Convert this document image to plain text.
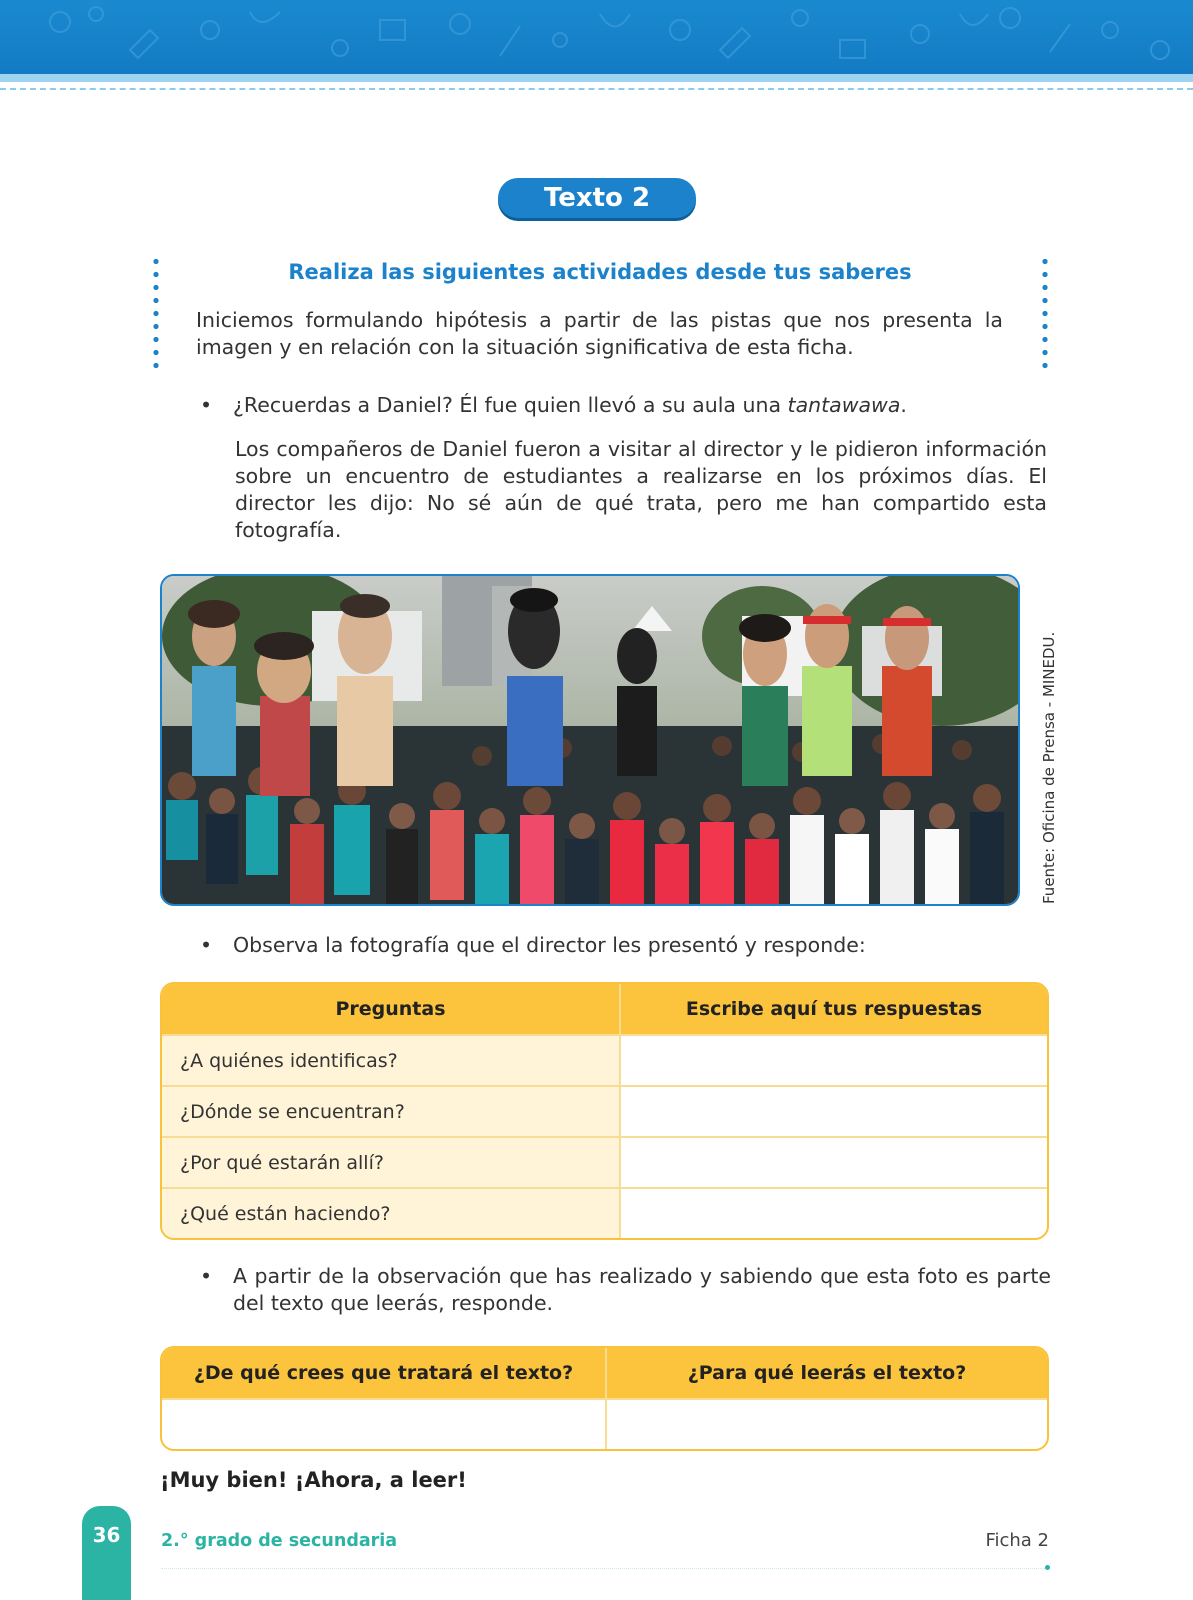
Texto 2
Realiza las siguientes actividades desde tus saberes
Iniciemos formulando hipótesis a partir de las pistas que nos presenta la imagen y en relación con la situación significativa de esta ficha.
• ¿Recuerdas a Daniel? Él fue quien llevó a su aula una tantawawa.
Los compañeros de Daniel fueron a visitar al director y le pidieron información sobre un encuentro de estudiantes a realizarse en los próximos días. El director les dijo: No sé aún de qué trata, pero me han compartido esta fotografía.
Fuente: Oficina de Prensa - MINEDU.
• Observa la fotografía que el director les presentó y responde:
Preguntas	Escribe aquí tus respuestas
¿A quiénes identificas?	
¿Dónde se encuentran?	
¿Por qué estarán allí?	
¿Qué están haciendo?	
• A partir de la observación que has realizado y sabiendo que esta foto es parte del texto que leerás, responde.
¿De qué crees que tratará el texto?	¿Para qué leerás el texto?

¡Muy bien! ¡Ahora, a leer!
36	2.° grado de secundaria	Ficha 2
